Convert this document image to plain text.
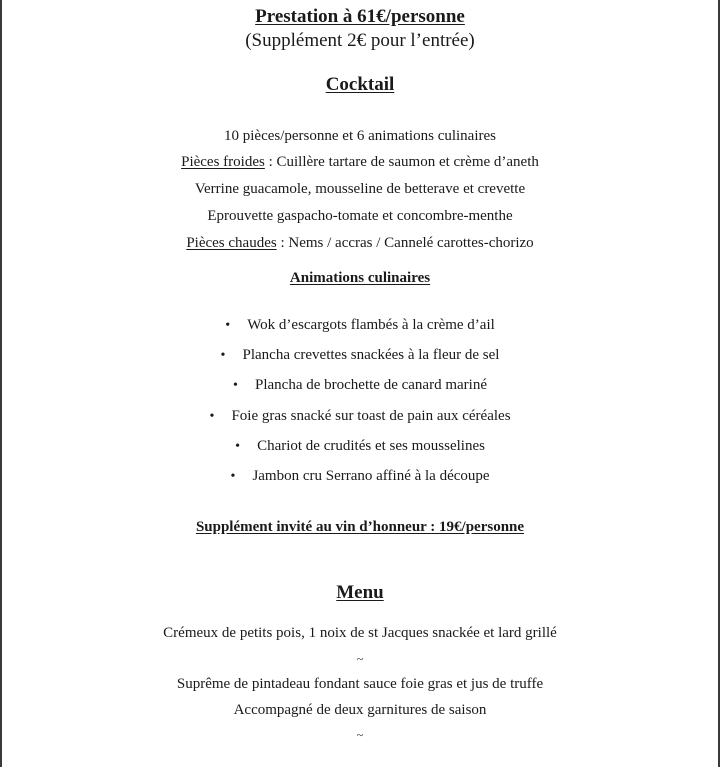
Prestation à 61€/personne
(Supplément 2€ pour l’entrée)
Cocktail
10 pièces/personne et 6 animations culinaires
Pièces froides : Cuillère tartare de saumon et crème d’aneth
Verrine guacamole, mousseline de betterave et crevette
Eprouvette gaspacho-tomate et concombre-menthe
Pièces chaudes : Nems / accras / Cannelé carottes-chorizo
Animations culinaires
• Wok d’escargots flambés à la crème d’ail
• Plancha crevettes snackées à la fleur de sel
• Plancha de brochette de canard mariné
• Foie gras snacké sur toast de pain aux céréales
• Chariot de crudités et ses mousselines
• Jambon cru Serrano affiné à la découpe
Supplément invité au vin d’honneur : 19€/personne
Menu
Crémeux de petits pois, 1 noix de st Jacques snackée et lard grillé
~
Suprême de pintadeau fondant sauce foie gras et jus de truffe
Accompagné de deux garnitures de saison
~
